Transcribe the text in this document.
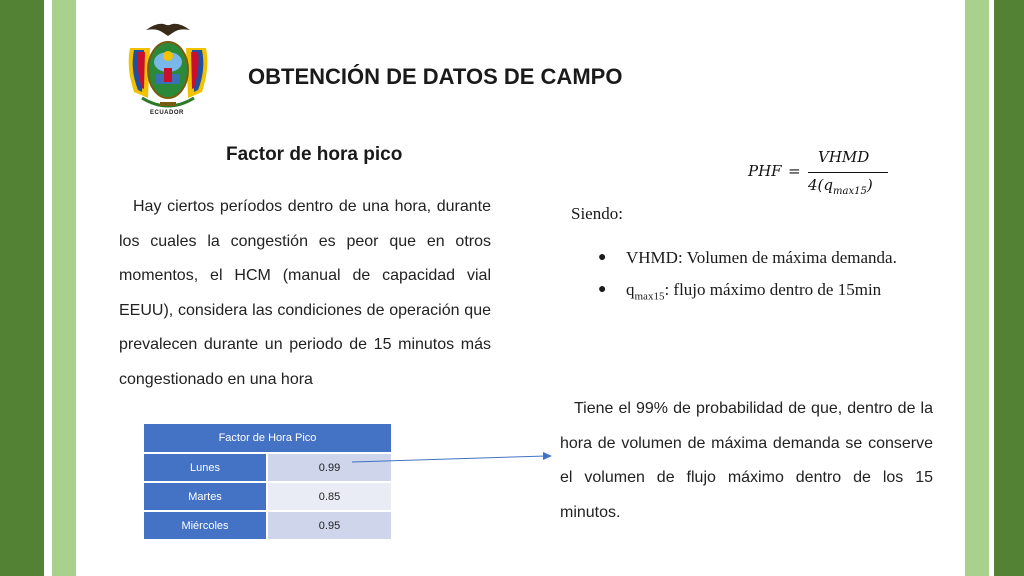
ECUADOR
OBTENCIÓN DE DATOS DE CAMPO
Factor de hora pico
Hay ciertos períodos dentro de una hora, durante los cuales la congestión es peor que en otros momentos, el HCM (manual de capacidad vial EEUU), considera las condiciones de operación que prevalecen durante un periodo de 15 minutos más congestionado en una hora
PHF =
VHMD
$4(q_{max15})$
Siendo:
● VHMD: Volumen de máxima demanda.
● $q_{max15}$: flujo máximo dentro de 15min
Tiene el 99% de probabilidad de que, dentro de la hora de volumen de máxima demanda se conserve el volumen de flujo máximo dentro de los 15 minutos.
Factor de Hora Pico	
Lunes	0.99
Martes	0.85
Miércoles	0.95
